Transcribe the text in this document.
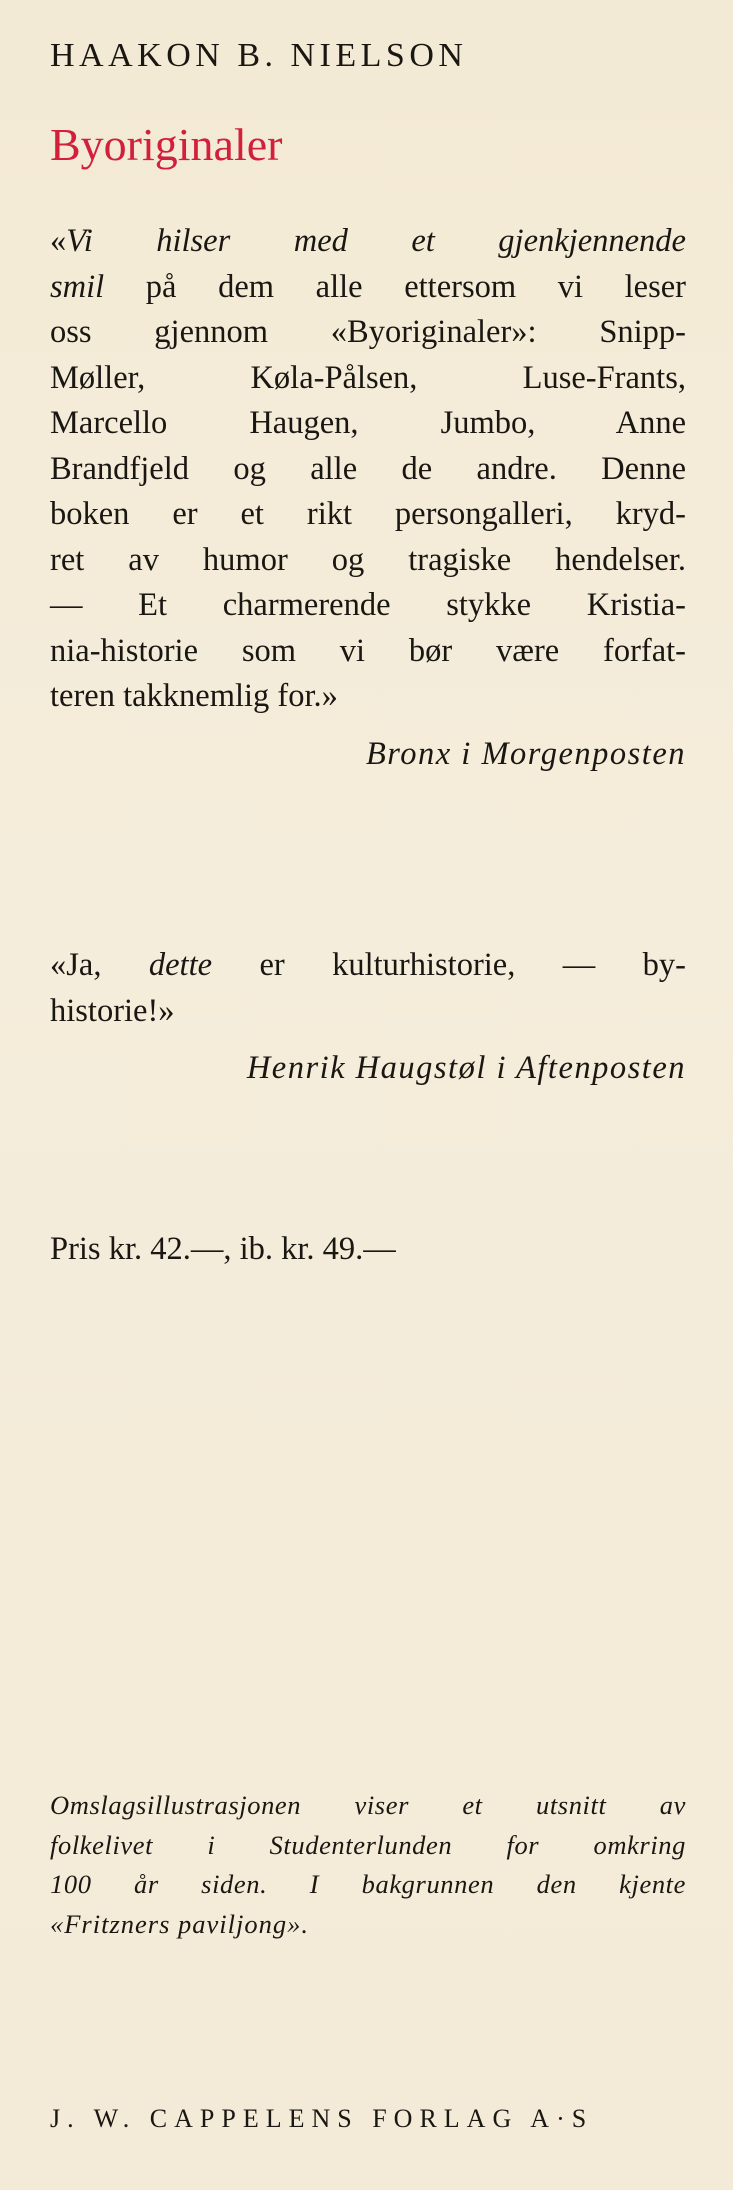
HAAKON B. NIELSON
Byoriginaler

«Vi hilser med et gjenkjennende
smil på dem alle ettersom vi leser
oss gjennom «Byoriginaler»: Snipp-
Møller, Køla-Pålsen, Luse-Frants,
Marcello Haugen, Jumbo, Anne
Brandfjeld og alle de andre. Denne
boken er et rikt persongalleri, kryd-
ret av humor og tragiske hendelser.
— Et charmerende stykke Kristia-
nia-historie som vi bør være forfat-
teren takknemlig for.»

Bronx i Morgenposten

«Ja, dette er kulturhistorie, — by-
historie!»

Henrik Haugstøl i Aftenposten
Pris kr. 42.—, ib. kr. 49.—
Omslagsillustrasjonen viser et utsnitt av
folkelivet i Studenterlunden for omkring
100 år siden. I bakgrunnen den kjente
«Fritzners paviljong».
J. W. CAPPELENS FORLAG A·S
